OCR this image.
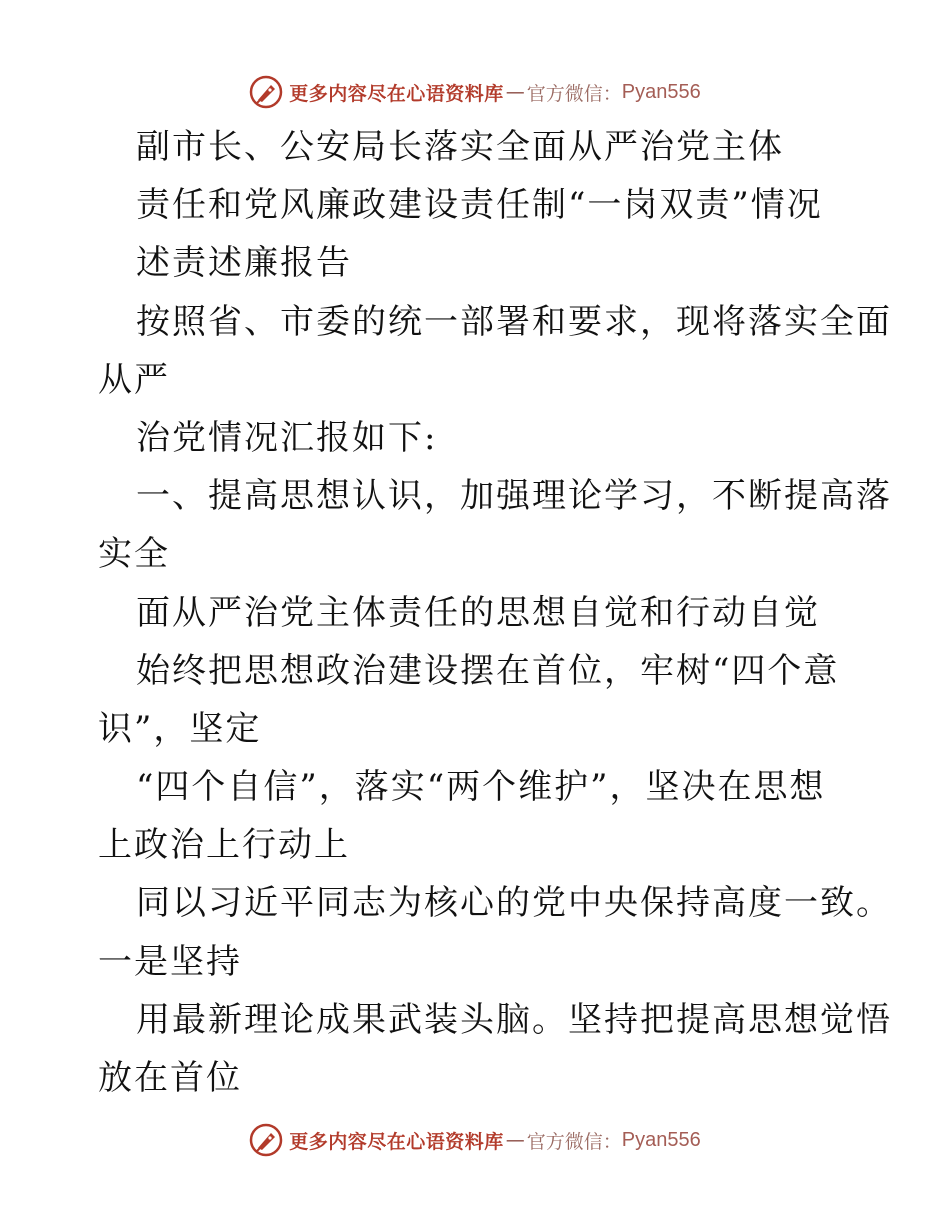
更多内容尽在心语资料库 — 官方微信： Pyan556
副市长、公安局长落实全面从严治党主体
责任和党风廉政建设责任制“一岗双责”情况
述责述廉报告
按照省、市委的统一部署和要求，现将落实全面
从严
治党情况汇报如下:
一、提高思想认识，加强理论学习，不断提高落
实全
面从严治党主体责任的思想自觉和行动自觉
始终把思想政治建设摆在首位，牢树“四个意
识”，坚定
“四个自信”，落实“两个维护”，坚决在思想
上政治上行动上
同以习近平同志为核心的党中央保持高度一致。
一是坚持
用最新理论成果武装头脑。坚持把提高思想觉悟
放在首位
更多内容尽在心语资料库 — 官方微信： Pyan556
